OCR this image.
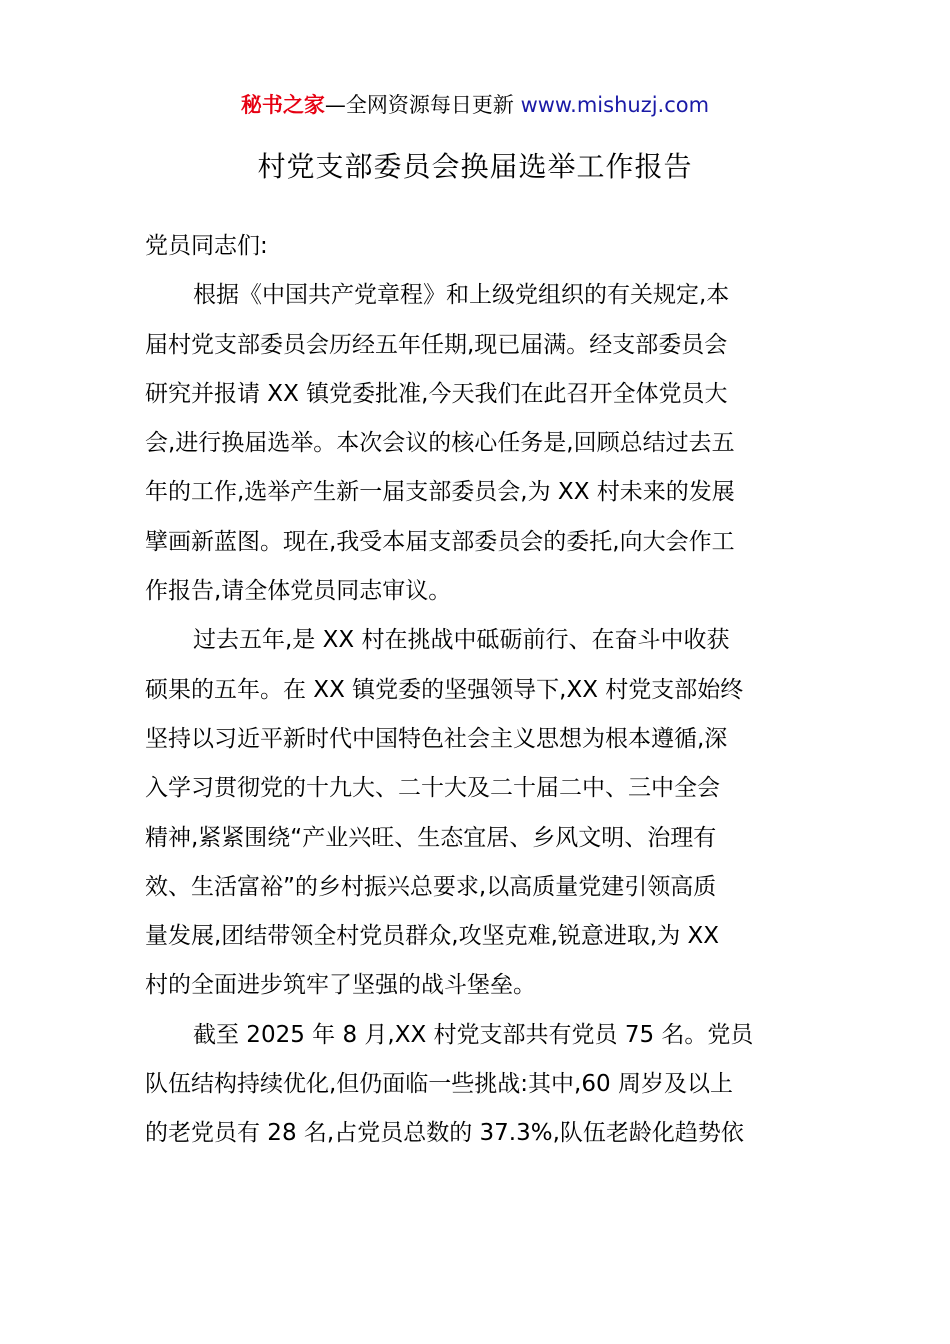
秘书之家—全网资源每日更新 www.mishuzj.com
村党支部委员会换届选举工作报告
党员同志们:
根据《中国共产党章程》和上级党组织的有关规定,本
届村党支部委员会历经五年任期,现已届满。经支部委员会
研究并报请 XX 镇党委批准,今天我们在此召开全体党员大
会,进行换届选举。本次会议的核心任务是,回顾总结过去五
年的工作,选举产生新一届支部委员会,为 XX 村未来的发展
擘画新蓝图。现在,我受本届支部委员会的委托,向大会作工
作报告,请全体党员同志审议。
过去五年,是 XX 村在挑战中砥砺前行、在奋斗中收获
硕果的五年。在 XX 镇党委的坚强领导下,XX 村党支部始终
坚持以习近平新时代中国特色社会主义思想为根本遵循,深
入学习贯彻党的十九大、二十大及二十届二中、三中全会
精神,紧紧围绕“产业兴旺、生态宜居、乡风文明、治理有
效、生活富裕”的乡村振兴总要求,以高质量党建引领高质
量发展,团结带领全村党员群众,攻坚克难,锐意进取,为 XX
村的全面进步筑牢了坚强的战斗堡垒。
截至 2025 年 8 月,XX 村党支部共有党员 75 名。党员
队伍结构持续优化,但仍面临一些挑战:其中,60 周岁及以上
的老党员有 28 名,占党员总数的 37.3%,队伍老龄化趋势依
